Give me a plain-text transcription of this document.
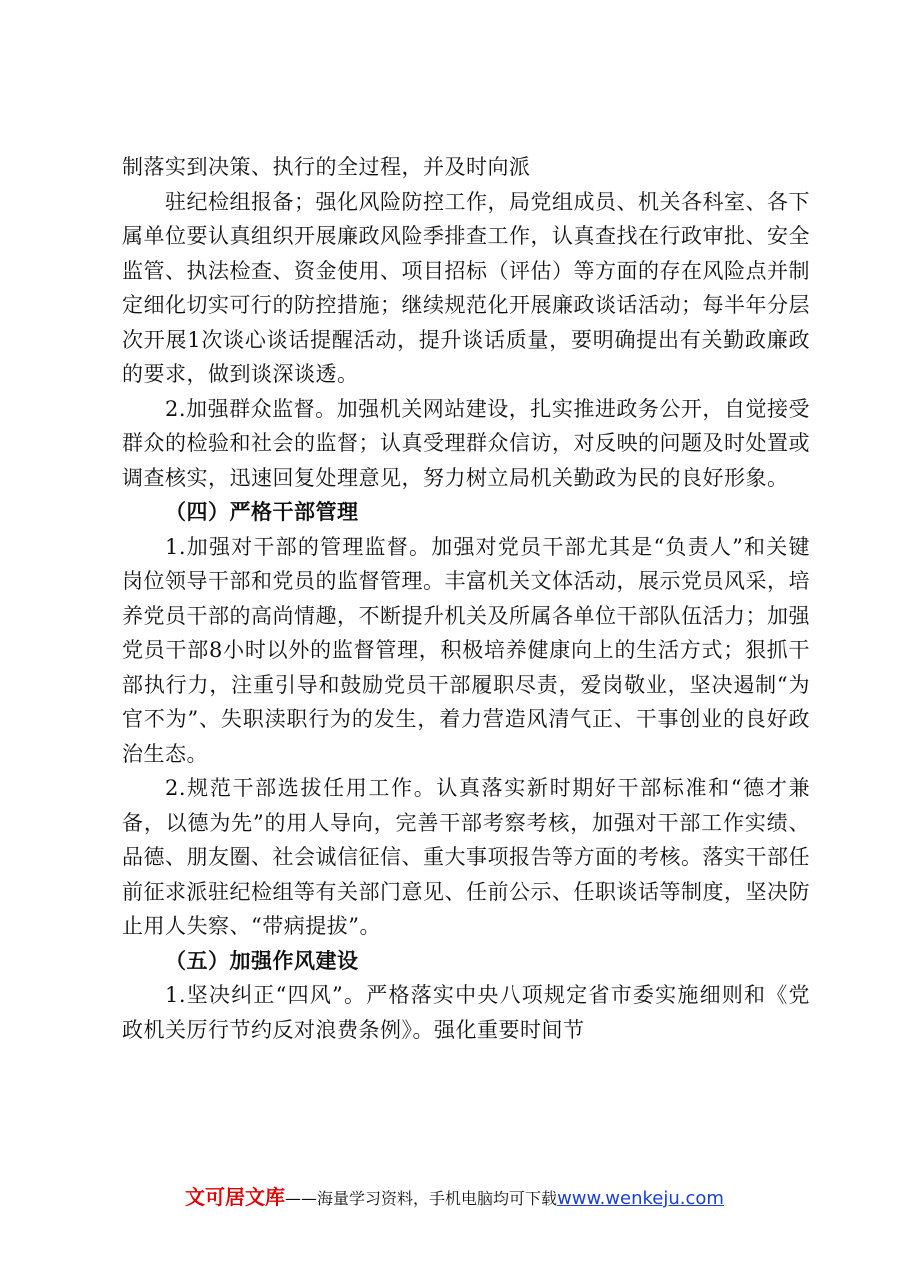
制落实到决策、执行的全过程，并及时向派

驻纪检组报备；强化风险防控工作，局党组成员、机关各科室、各下属单位要认真组织开展廉政风险季排查工作，认真查找在行政审批、安全监管、执法检查、资金使用、项目招标（评估）等方面的存在风险点并制定细化切实可行的防控措施；继续规范化开展廉政谈话活动；每半年分层次开展1次谈心谈话提醒活动，提升谈话质量，要明确提出有关勤政廉政的要求，做到谈深谈透。

2.加强群众监督。加强机关网站建设，扎实推进政务公开，自觉接受群众的检验和社会的监督；认真受理群众信访，对反映的问题及时处置或调查核实，迅速回复处理意见，努力树立局机关勤政为民的良好形象。

（四）严格干部管理

1.加强对干部的管理监督。加强对党员干部尤其是“负责人”和关键岗位领导干部和党员的监督管理。丰富机关文体活动，展示党员风采，培养党员干部的高尚情趣，不断提升机关及所属各单位干部队伍活力；加强党员干部8小时以外的监督管理，积极培养健康向上的生活方式；狠抓干部执行力，注重引导和鼓励党员干部履职尽责，爱岗敬业，坚决遏制“为官不为”、失职渎职行为的发生，着力营造风清气正、干事创业的良好政治生态。

2.规范干部选拔任用工作。认真落实新时期好干部标准和“德才兼备，以德为先”的用人导向，完善干部考察考核，加强对干部工作实绩、品德、朋友圈、社会诚信征信、重大事项报告等方面的考核。落实干部任前征求派驻纪检组等有关部门意见、任前公示、任职谈话等制度，坚决防止用人失察、“带病提拔”。

（五）加强作风建设

1.坚决纠正“四风”。严格落实中央八项规定省市委实施细则和《党政机关厉行节约反对浪费条例》。强化重要时间节

文可居文库——海量学习资料，手机电脑均可下载www.wenkeju.com
